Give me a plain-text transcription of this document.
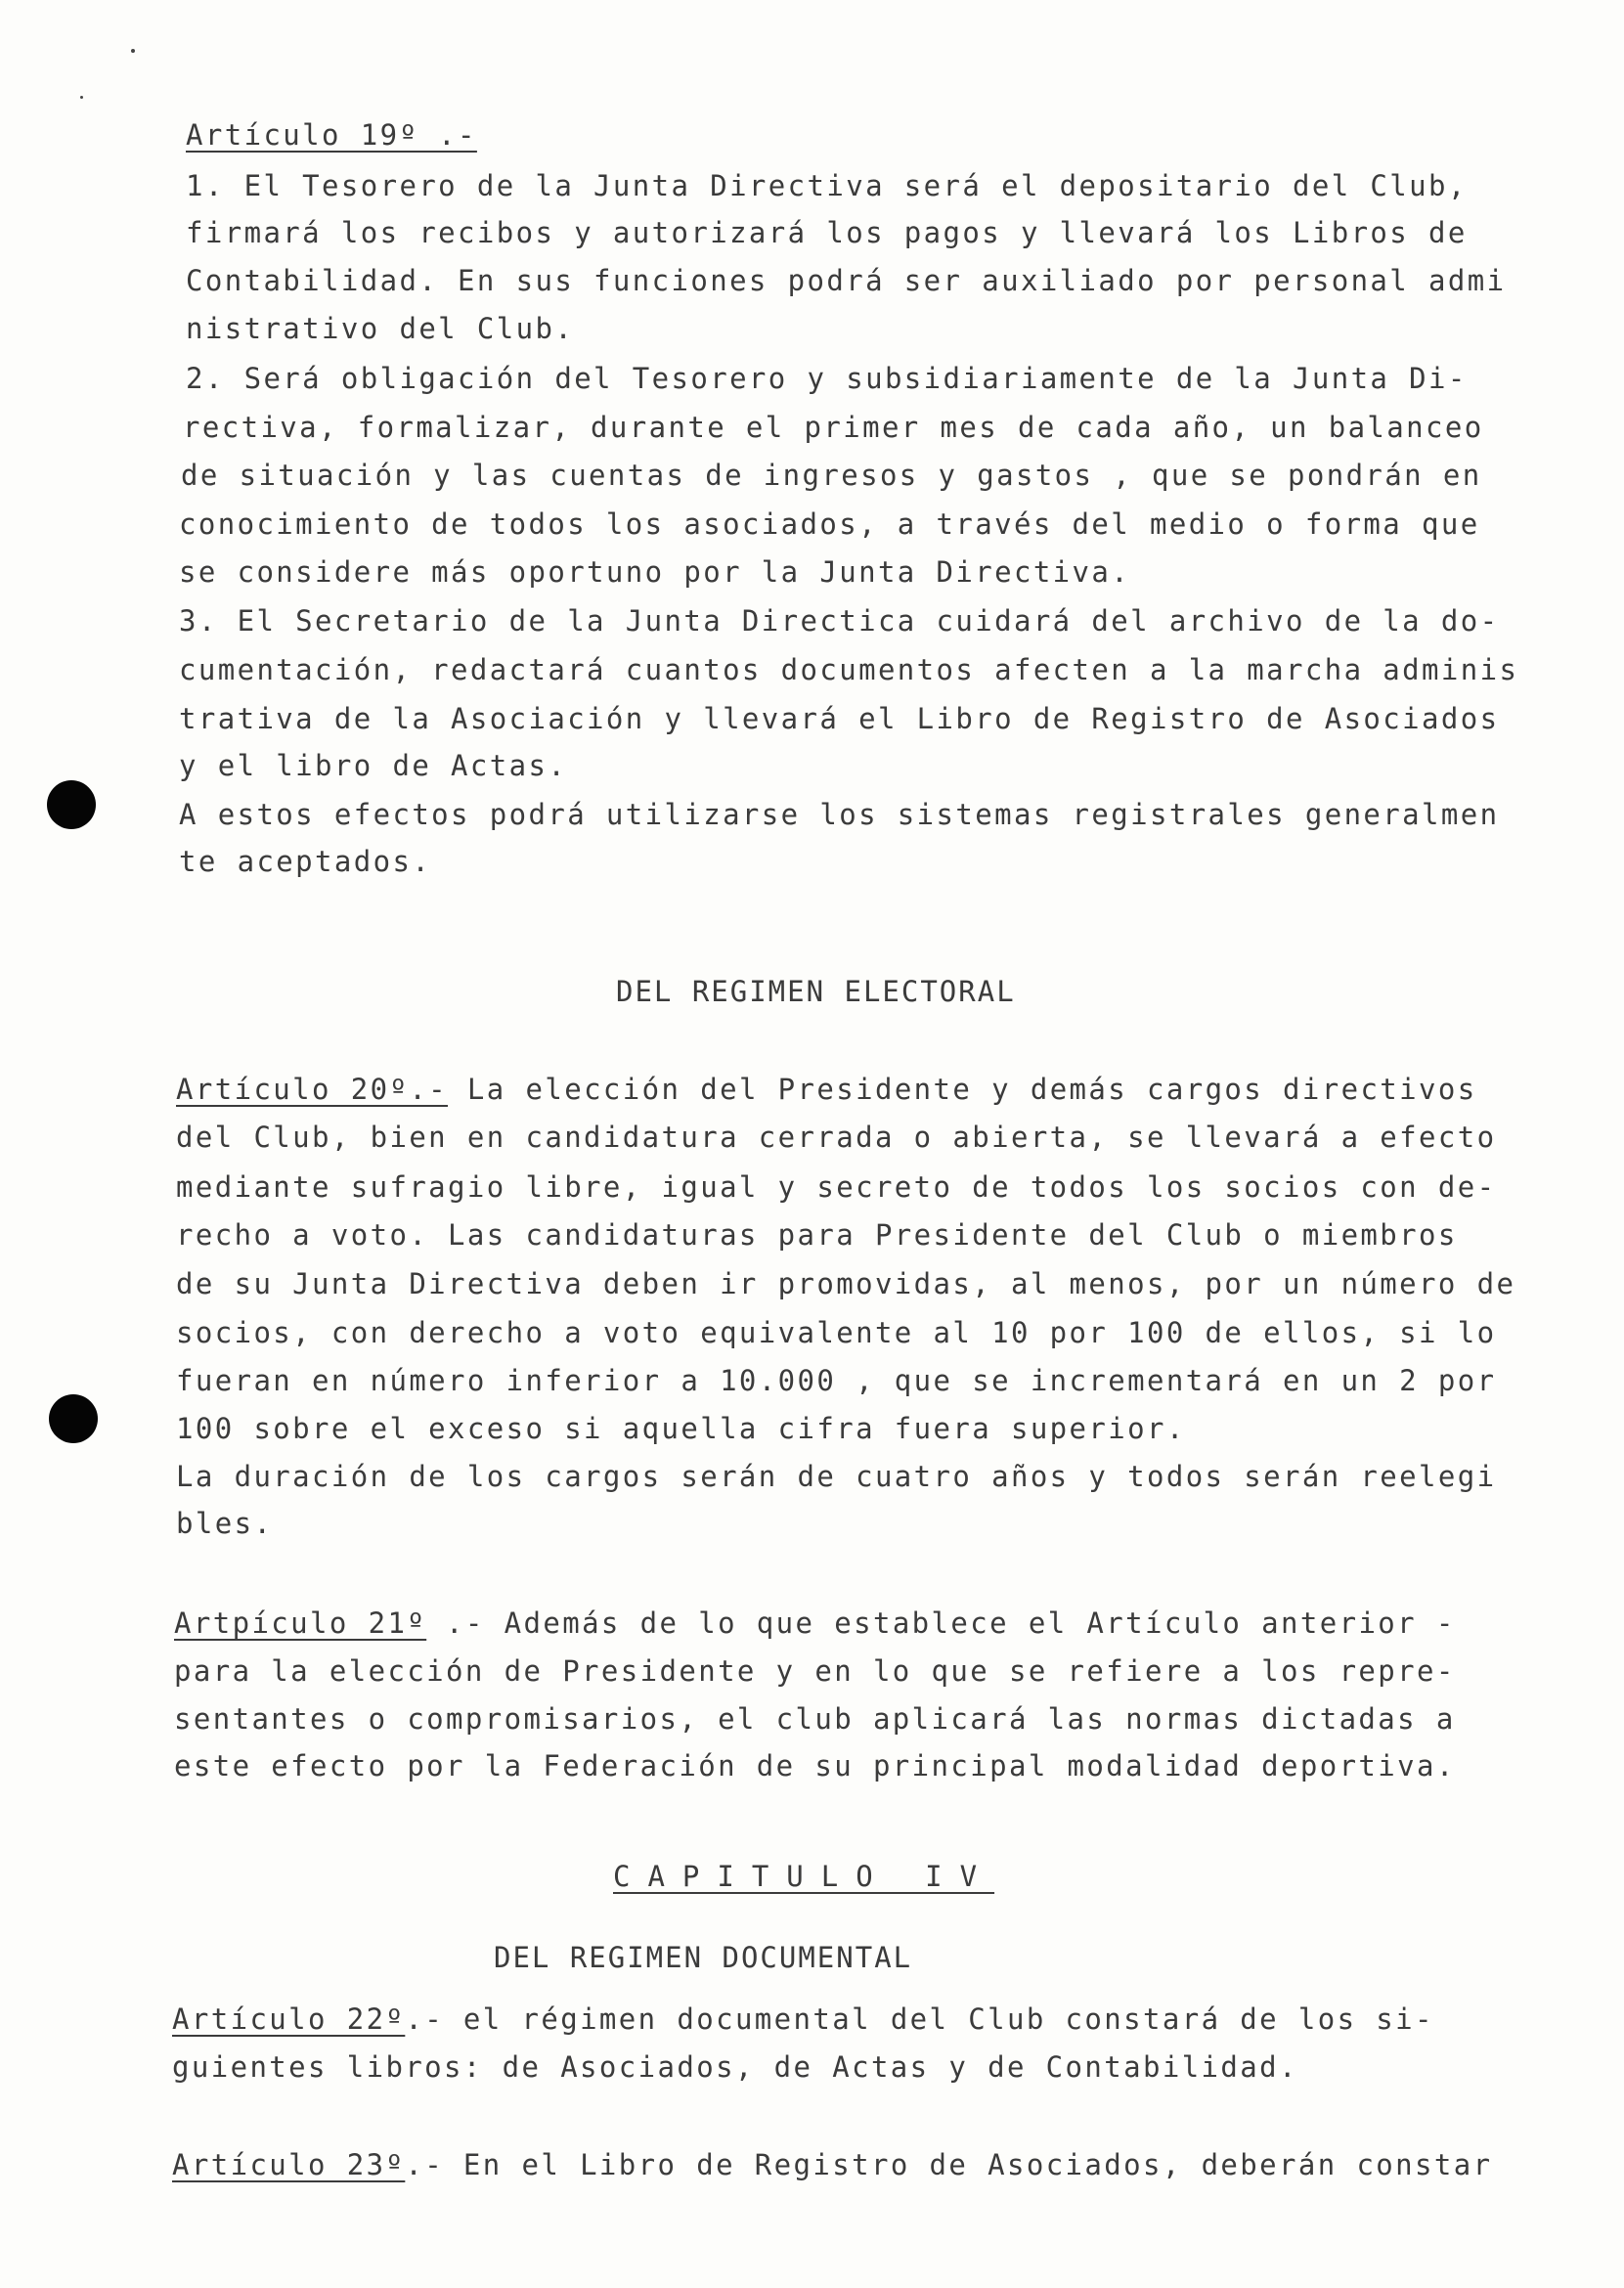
Artículo 19º .-
1. El Tesorero de la Junta Directiva será el depositario del Club,
firmará los recibos y autorizará los pagos y llevará los Libros de
Contabilidad. En sus funciones podrá ser auxiliado por personal admi
nistrativo del Club.
2. Será obligación del Tesorero y subsidiariamente de la Junta Di-
rectiva, formalizar, durante el primer mes de cada año, un balanceo
de situación y las cuentas de ingresos y gastos , que se pondrán en
conocimiento de todos los asociados, a través del medio o forma que
se considere más oportuno por la Junta Directiva.
3. El Secretario de la Junta Directica cuidará del archivo de la do-
cumentación, redactará cuantos documentos afecten a la marcha adminis
trativa de la Asociación y llevará el Libro de Registro de Asociados
y el libro de Actas.
A estos efectos podrá utilizarse los sistemas registrales generalmen
te aceptados.
DEL REGIMEN ELECTORAL
Artículo 20º.- La elección del Presidente y demás cargos directivos
del Club, bien en candidatura cerrada o abierta, se llevará a efecto
mediante sufragio libre, igual y secreto de todos los socios con de-
recho a voto. Las candidaturas para Presidente del Club o miembros
de su Junta Directiva deben ir promovidas, al menos, por un número de
socios, con derecho a voto equivalente al 10 por 100 de ellos, si lo
fueran en número inferior a 10.000 , que se incrementará en un 2 por
100 sobre el exceso si aquella cifra fuera superior.
La duración de los cargos serán de cuatro años y todos serán reelegi
bles.
Artpículo 21º .- Además de lo que establece el Artículo anterior -
para la elección de Presidente y en lo que se refiere a los repre-
sentantes o compromisarios, el club aplicará las normas dictadas a
este efecto por la Federación de su principal modalidad deportiva.
CAPITULO IV
DEL REGIMEN DOCUMENTAL
Artículo 22º.- el régimen documental del Club constará de los si-
guientes libros: de Asociados, de Actas y de Contabilidad.
Artículo 23º.- En el Libro de Registro de Asociados, deberán constar
